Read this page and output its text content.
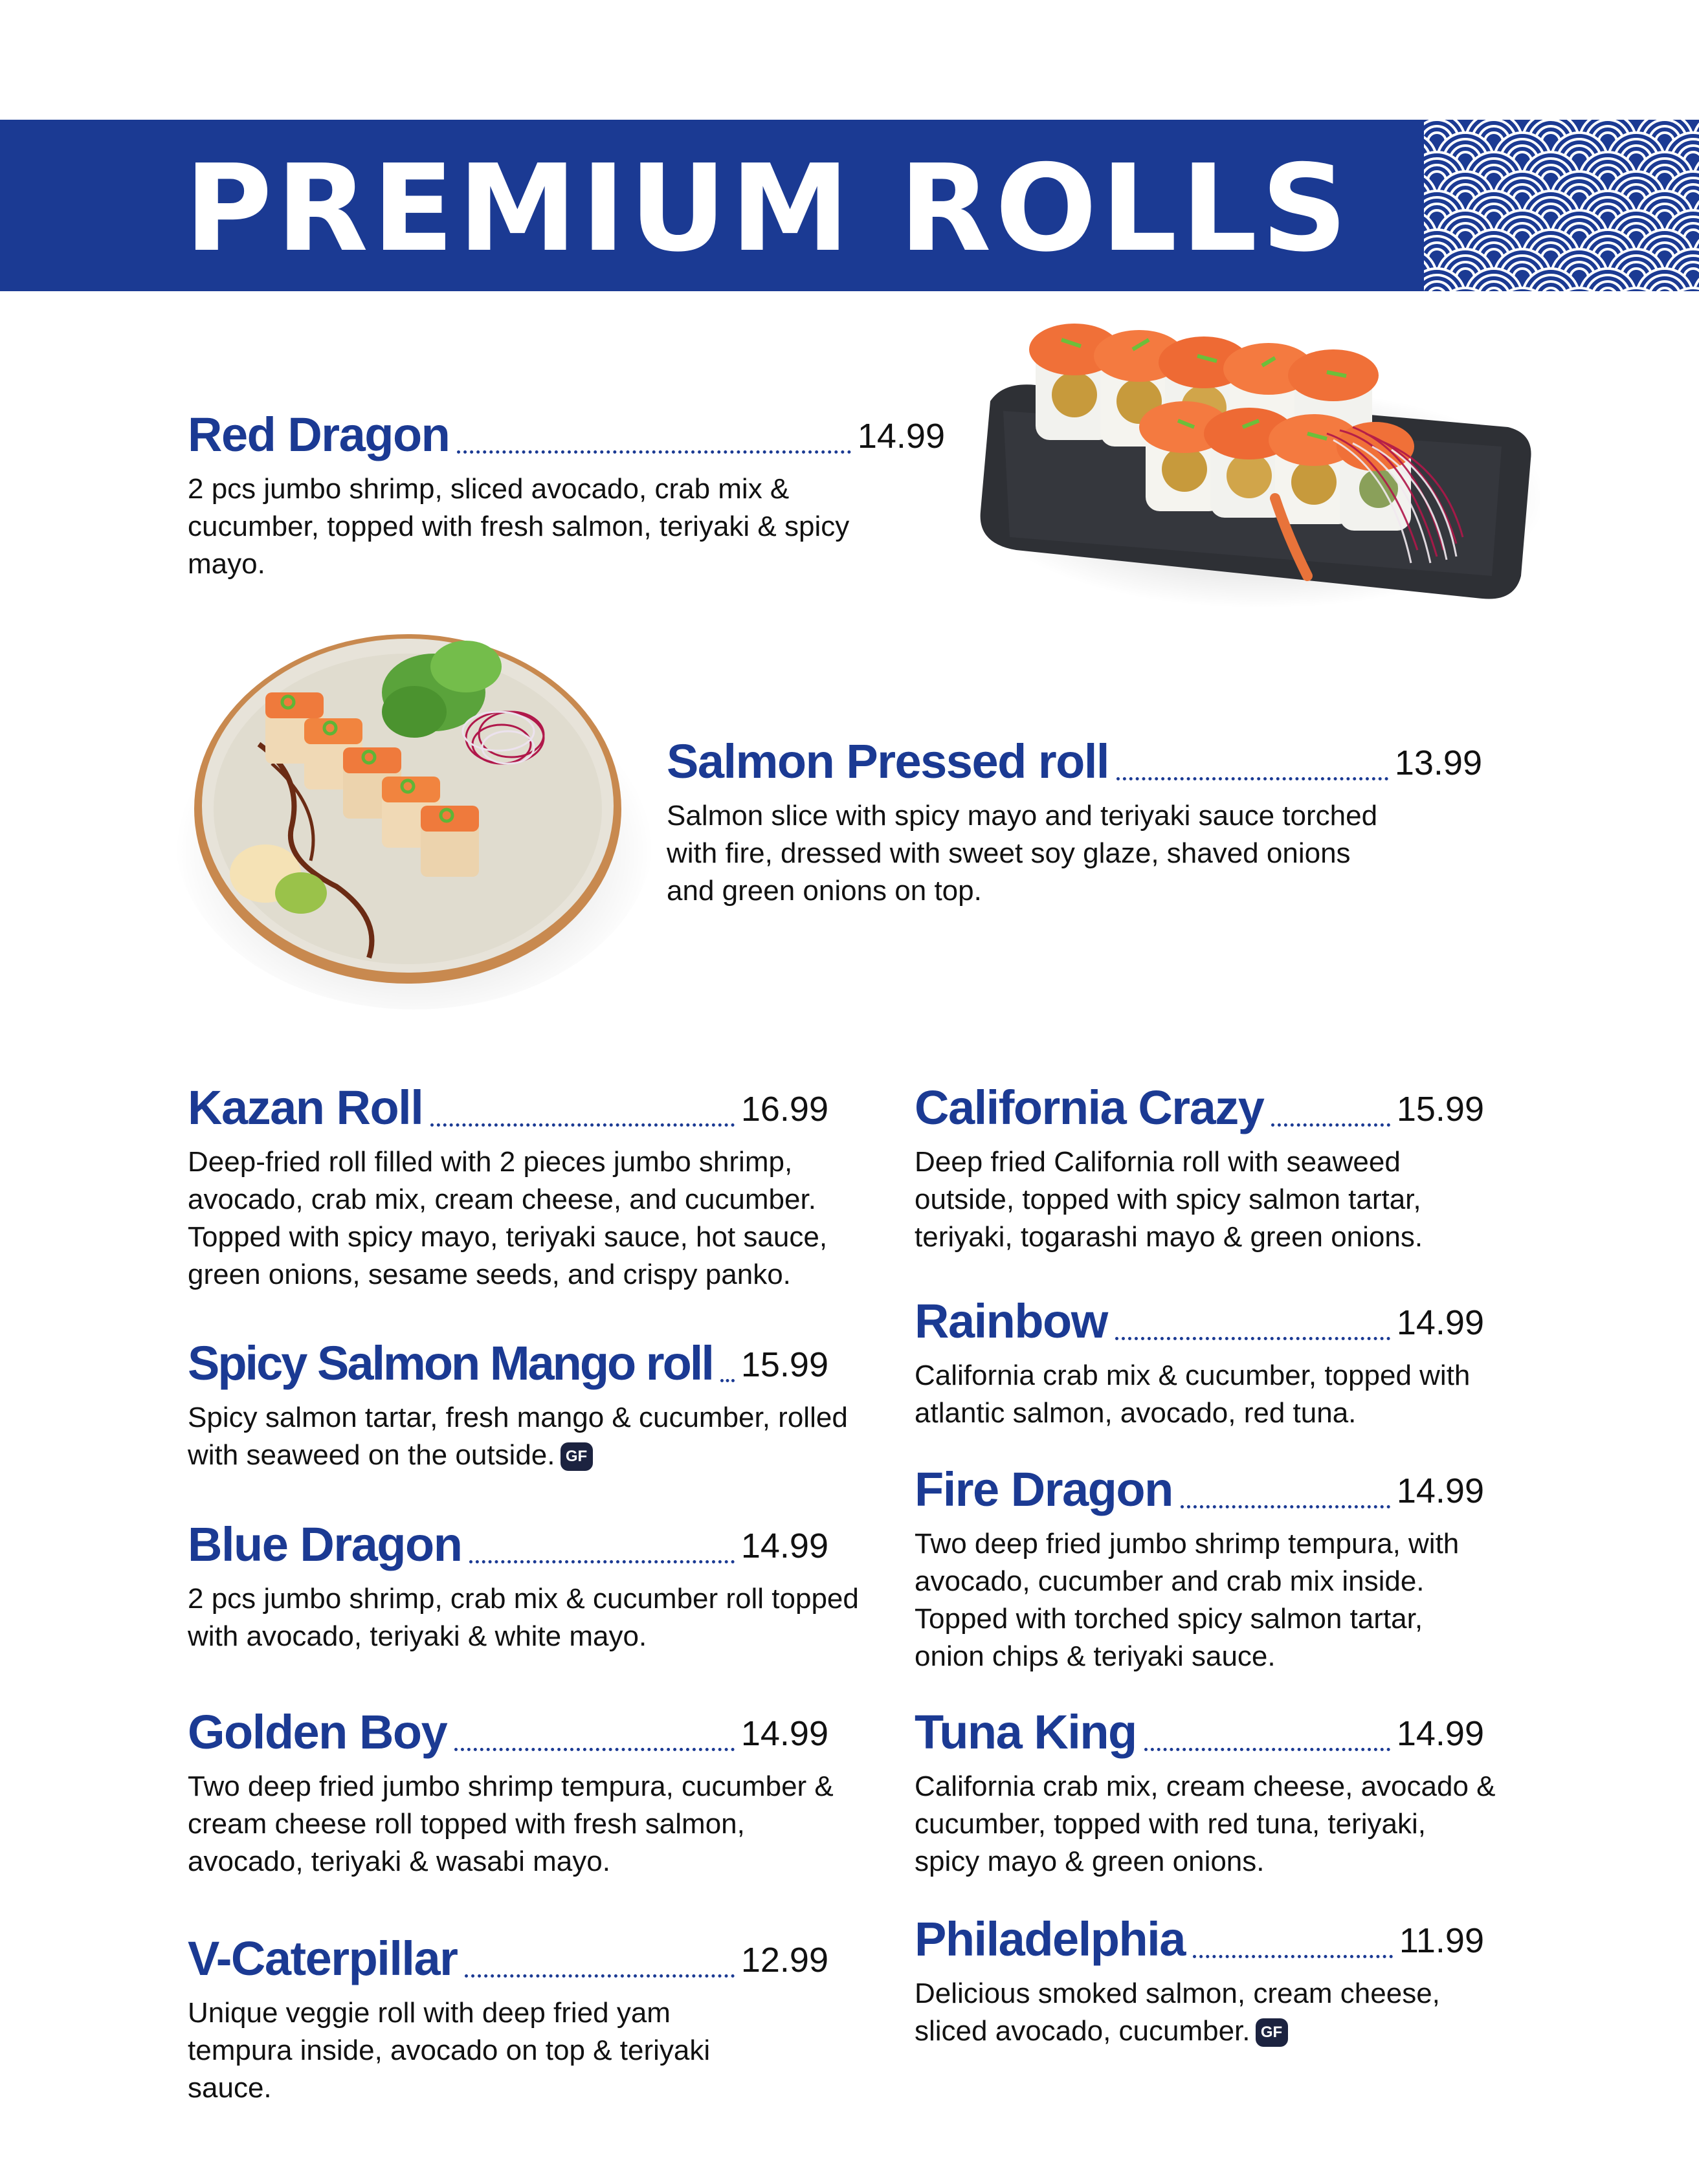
PREMIUM ROLLS
Red Dragon	14.99
2 pcs jumbo shrimp, sliced avocado, crab mix & cucumber, topped with fresh salmon, teriyaki & spicy mayo.
Salmon Pressed roll	13.99
Salmon slice with spicy mayo and teriyaki sauce torched with fire, dressed with sweet soy glaze, shaved onions and green onions on top.
Kazan Roll	16.99
Deep-fried roll filled with 2 pieces jumbo shrimp, avocado, crab mix, cream cheese, and cucumber. Topped with spicy mayo, teriyaki sauce, hot sauce, green onions, sesame seeds, and crispy panko.
Spicy Salmon Mango roll 15.99
Spicy salmon tartar, fresh mango & cucumber, rolled with seaweed on the outside. GF
Blue Dragon	14.99
2 pcs jumbo shrimp, crab mix & cucumber roll topped with avocado, teriyaki & white mayo.
Golden Boy	14.99
Two deep fried jumbo shrimp tempura, cucumber & cream cheese roll topped with fresh salmon, avocado, teriyaki & wasabi mayo.
V-Caterpillar	12.99
Unique veggie roll with deep fried yam tempura inside, avocado on top & teriyaki sauce.
California Crazy	15.99
Deep fried California roll with seaweed outside, topped with spicy salmon tartar, teriyaki, togarashi mayo & green onions.
Rainbow	14.99
California crab mix & cucumber, topped with atlantic salmon, avocado, red tuna.
Fire Dragon	14.99
Two deep fried jumbo shrimp tempura, with avocado, cucumber and crab mix inside. Topped with torched spicy salmon tartar, onion chips & teriyaki sauce.
Tuna King	14.99
California crab mix, cream cheese, avocado & cucumber, topped with red tuna, teriyaki, spicy mayo & green onions.
Philadelphia	11.99
Delicious smoked salmon, cream cheese, sliced avocado, cucumber. GF
